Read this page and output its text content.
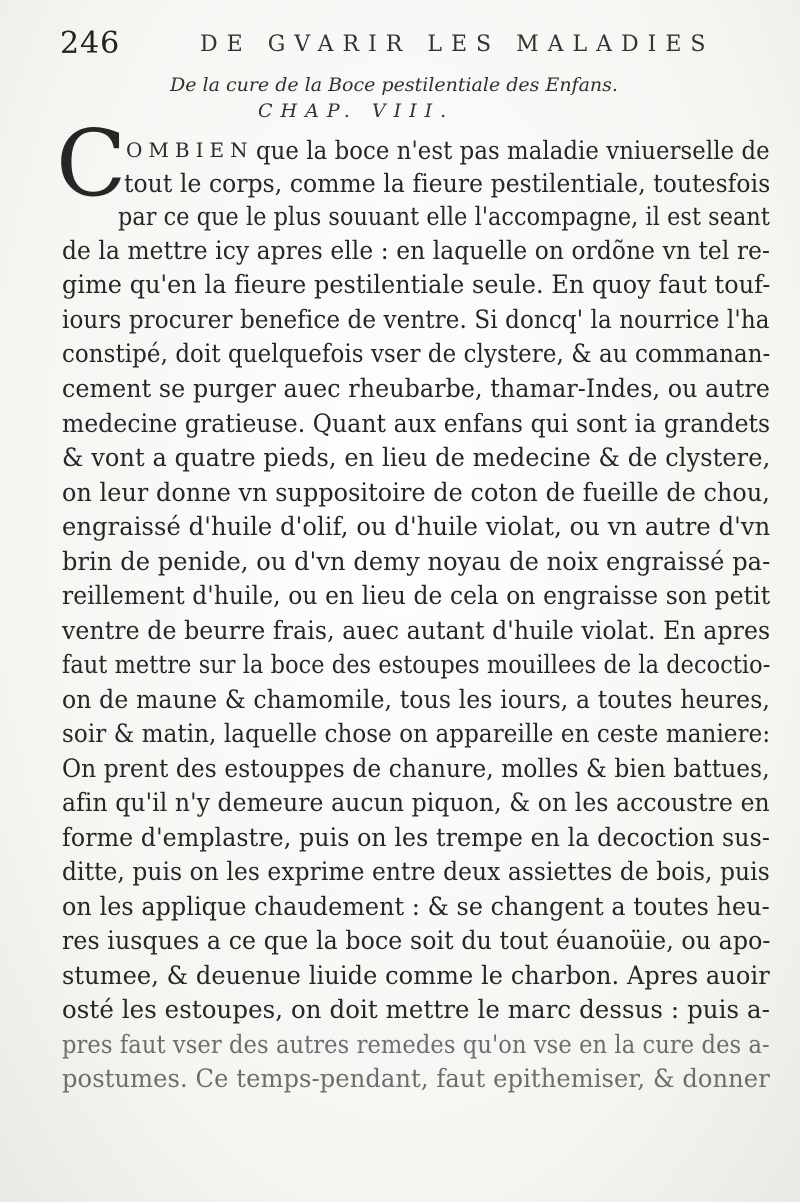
246	DE GVARIR LES MALADIES
De la cure de la Boce pestilentiale des Enfans.
CHAP. VIII.
C OMBIEN que la boce n'est pas maladie vniuerselle de
tout le corps, comme la fieure pestilentiale, toutesfois
par ce que le plus souuant elle l'accompagne, il est seant
de la mettre icy apres elle : en laquelle on ordõne vn tel re-
gime qu'en la fieure pestilentiale seule. En quoy faut touf-
iours procurer benefice de ventre. Si doncq' la nourrice l'ha
constipé, doit quelquefois vser de clystere, & au commanan-
cement se purger auec rheubarbe, thamar-Indes, ou autre
medecine gratieuse. Quant aux enfans qui sont ia grandets
& vont a quatre pieds, en lieu de medecine & de clystere,
on leur donne vn suppositoire de coton de fueille de chou,
engraissé d'huile d'olif, ou d'huile violat, ou vn autre d'vn
brin de penide, ou d'vn demy noyau de noix engraissé pa-
reillement d'huile, ou en lieu de cela on engraisse son petit
ventre de beurre frais, auec autant d'huile violat. En apres
faut mettre sur la boce des estoupes mouillees de la decoctio-
on de maune & chamomile, tous les iours, a toutes heures,
soir & matin, laquelle chose on appareille en ceste maniere:
On prent des estouppes de chanure, molles & bien battues,
afin qu'il n'y demeure aucun piquon, & on les accoustre en
forme d'emplastre, puis on les trempe en la decoction sus-
ditte, puis on les exprime entre deux assiettes de bois, puis
on les applique chaudement : & se changent a toutes heu-
res iusques a ce que la boce soit du tout éuanoüie, ou apo-
stumee, & deuenue liuide comme le charbon. Apres auoir
osté les estoupes, on doit mettre le marc dessus : puis a-
pres faut vser des autres remedes qu'on vse en la cure des a-
postumes. Ce temps-pendant, faut epithemiser, & donner
